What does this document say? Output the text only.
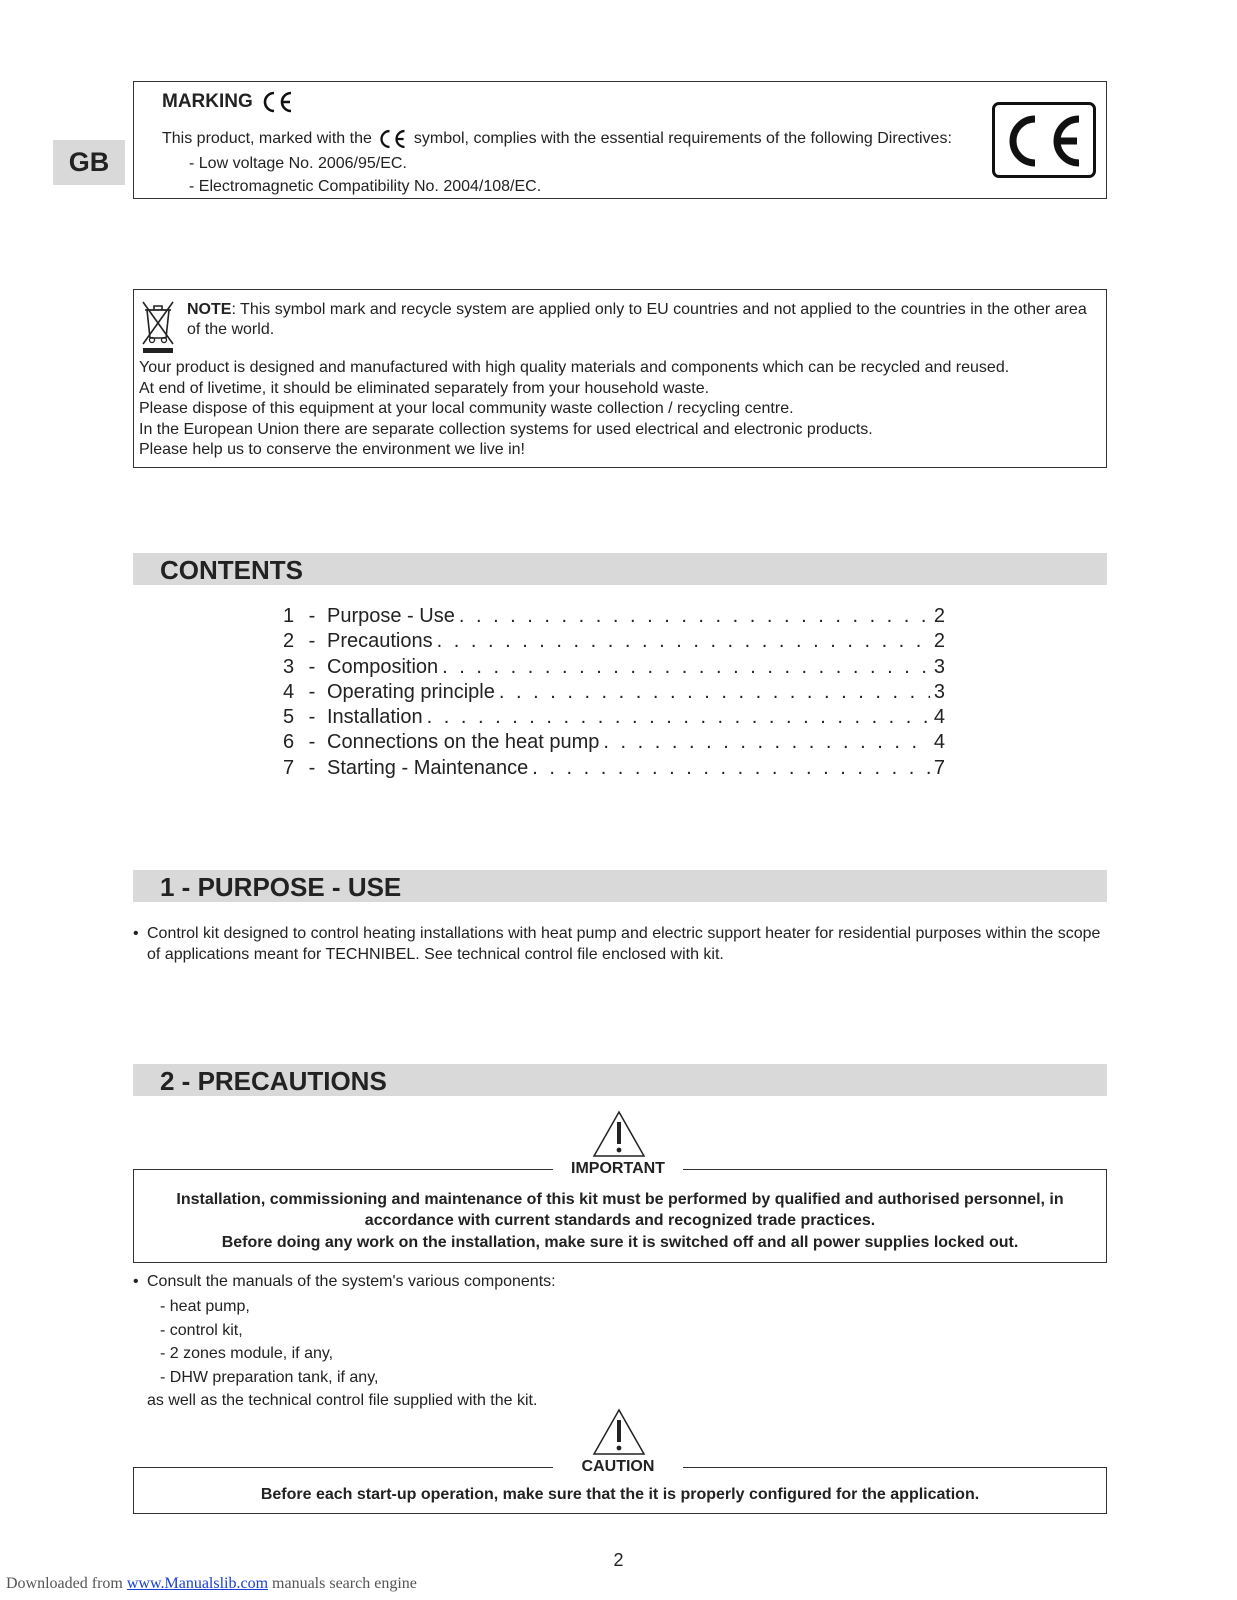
GB
MARKING
This product, marked with the	symbol, complies with the essential requirements of the following Directives:
- Low voltage No. 2006/95/EC.
- Electromagnetic Compatibility No. 2004/108/EC.
NOTE: This symbol mark and recycle system are applied only to EU countries and not applied to the countries in the other area of the world.
Your product is designed and manufactured with high quality materials and components which can be recycled and reused.
At end of livetime, it should be eliminated separately from your household waste.
Please dispose of this equipment at your local community waste collection / recycling centre.
In the European Union there are separate collection systems for used electrical and electronic products.
Please help us to conserve the environment we live in!
CONTENTS
1 - Purpose - Use . . .	2
2 - Precautions . . .	2
3 - Composition . . .	3
4 - Operating principle . . .	3
5 - Installation . . .	4
6 - Connections on the heat pump . . .	4
7 - Starting - Maintenance . . .	7
1 - PURPOSE - USE
• Control kit designed to control heating installations with heat pump and electric support heater for residential purposes within the scope of applications meant for TECHNIBEL. See technical control file enclosed with kit.
2 - PRECAUTIONS
IMPORTANT
Installation, commissioning and maintenance of this kit must be performed by qualified and authorised personnel, in accordance with current standards and recognized trade practices.
Before doing any work on the installation, make sure it is switched off and all power supplies locked out.
• Consult the manuals of the system's various components:
- heat pump,
- control kit,
- 2 zones module, if any,
- DHW preparation tank, if any,
as well as the technical control file supplied with the kit.
CAUTION
Before each start-up operation, make sure that the it is properly configured for the application.
2
Downloaded from www.Manualslib.com manuals search engine
